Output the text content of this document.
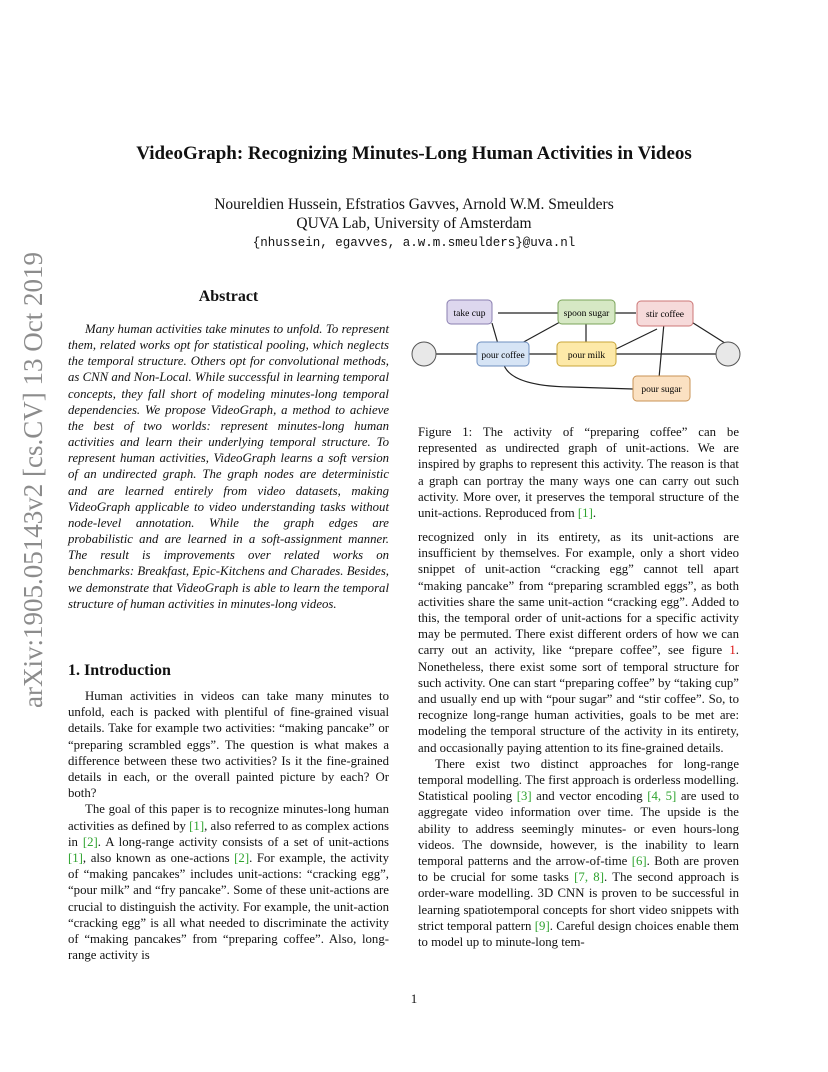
arXiv:1905.05143v2 [cs.CV] 13 Oct 2019
VideoGraph: Recognizing Minutes-Long Human Activities in Videos
Noureldien Hussein, Efstratios Gavves, Arnold W.M. Smeulders
QUVA Lab, University of Amsterdam
{nhussein, egavves, a.w.m.smeulders}@uva.nl
Abstract
Many human activities take minutes to unfold. To represent them, related works opt for statistical pooling, which neglects the temporal structure. Others opt for convolutional methods, as CNN and Non-Local. While successful in learning temporal concepts, they fall short of modeling minutes-long temporal dependencies. We propose VideoGraph, a method to achieve the best of two worlds: represent minutes-long human activities and learn their underlying temporal structure. To represent human activities, VideoGraph learns a soft version of an undirected graph. The graph nodes are deterministic and are learned entirely from video datasets, making VideoGraph applicable to video understanding tasks without node-level annotation. While the graph edges are probabilistic and are learned in a soft-assignment manner. The result is improvements over related works on benchmarks: Breakfast, Epic-Kitchens and Charades. Besides, we demonstrate that VideoGraph is able to learn the temporal structure of human activities in minutes-long videos.
1. Introduction

Human activities in videos can take many minutes to unfold, each is packed with plentiful of fine-grained visual details. Take for example two activities: “making pancake” or “preparing scrambled eggs”. The question is what makes a difference between these two activities? Is it the fine-grained details in each, or the overall painted picture by each? Or both?

The goal of this paper is to recognize minutes-long human activities as defined by [1], also referred to as complex actions in [2]. A long-range activity consists of a set of unit-actions [1], also known as one-actions [2]. For example, the activity of “making pancakes” includes unit-actions: “cracking egg”, “pour milk” and “fry pancake”. Some of these unit-actions are crucial to distinguish the activity. For example, the unit-action “cracking egg” is all what needed to discriminate the activity of “making pancakes” from “preparing coffee”. Also, long-range activity is

take cup	spoon sugar	stir coffee
pour coffee	pour milk
pour sugar
Figure 1: The activity of “preparing coffee” can be represented as undirected graph of unit-actions. We are inspired by graphs to represent this activity. The reason is that a graph can portray the many ways one can carry out such activity. More over, it preserves the temporal structure of the unit-actions. Reproduced from [1].

recognized only in its entirety, as its unit-actions are insufficient by themselves. For example, only a short video snippet of unit-action “cracking egg” cannot tell apart “making pancake” from “preparing scrambled eggs”, as both activities share the same unit-action “cracking egg”. Added to this, the temporal order of unit-actions for a specific activity may be permuted. There exist different orders of how we can carry out an activity, like “prepare coffee”, see figure 1. Nonetheless, there exist some sort of temporal structure for such activity. One can start “preparing coffee” by “taking cup” and usually end up with “pour sugar” and “stir coffee”. So, to recognize long-range human activities, goals to be met are: modeling the temporal structure of the activity in its entirety, and occasionally paying attention to its fine-grained details.

There exist two distinct approaches for long-range temporal modelling. The first approach is orderless modelling. Statistical pooling [3] and vector encoding [4, 5] are used to aggregate video information over time. The upside is the ability to address seemingly minutes- or even hours-long videos. The downside, however, is the inability to learn temporal patterns and the arrow-of-time [6]. Both are proven to be crucial for some tasks [7, 8]. The second approach is order-ware modelling. 3D CNN is proven to be successful in learning spatiotemporal concepts for short video snippets with strict temporal pattern [9]. Careful design choices enable them to model up to minute-long tem-

1
